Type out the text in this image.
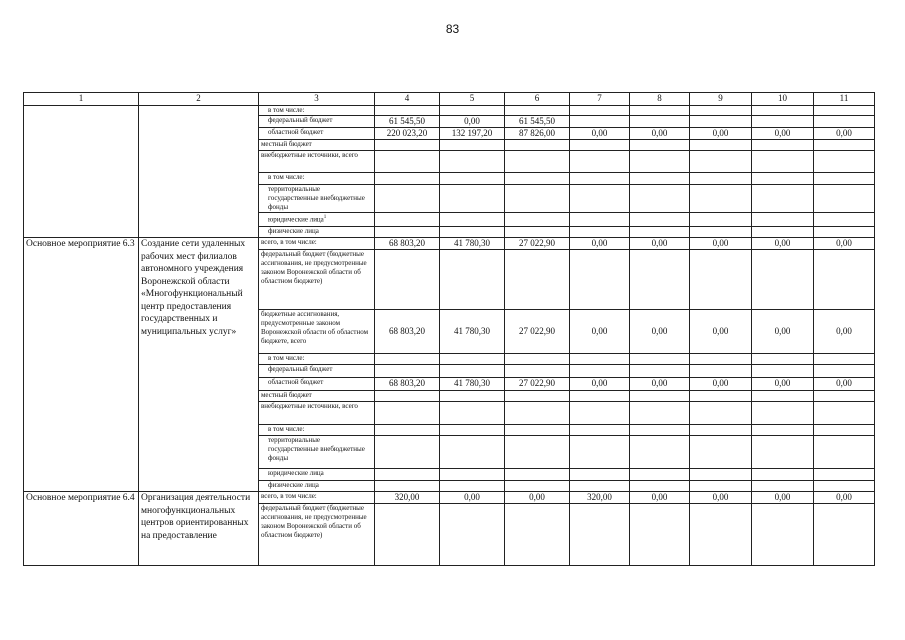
83
1	2	3	4	5	6	7	8	9	10	11
		в том числе:								
		федеральный бюджет	61 545,50	0,00	61 545,50					
		областной бюджет	220 023,20	132 197,20	87 826,00	0,00	0,00	0,00	0,00	0,00
		местный бюджет								
		внебюджетные источники, всего								
		в том числе:								
		территориальные государственные внебюджетные фонды								
		юридические лица$^1$								
		физические лица								
Основное мероприятие 6.3	Создание сети удаленных рабочих мест филиалов автономного учреждения Воронежской области «Многофункциональный центр предоставления государственных и муниципальных услуг»	всего, в том числе:	68 803,20	41 780,30	27 022,90	0,00	0,00	0,00	0,00	0,00
		федеральный бюджет (бюджетные ассигнования, не предусмотренные законом Воронежской области об областном бюджете)								
		бюджетные ассигнования, предусмотренные законом Воронежской области об областном бюджете, всего	68 803,20	41 780,30	27 022,90	0,00	0,00	0,00	0,00	0,00
		в том числе:								
		федеральный бюджет								
		областной бюджет	68 803,20	41 780,30	27 022,90	0,00	0,00	0,00	0,00	0,00
		местный бюджет								
		внебюджетные источники, всего								
		в том числе:								
		территориальные государственные внебюджетные фонды								
		юридические лица								
		физические лица								
Основное мероприятие 6.4	Организация деятельности многофункциональных центров ориентированных на предоставление	всего, в том числе:	320,00	0,00	0,00	320,00	0,00	0,00	0,00	0,00
		федеральный бюджет (бюджетные ассигнования, не предусмотренные законом Воронежской области об областном бюджете)								
